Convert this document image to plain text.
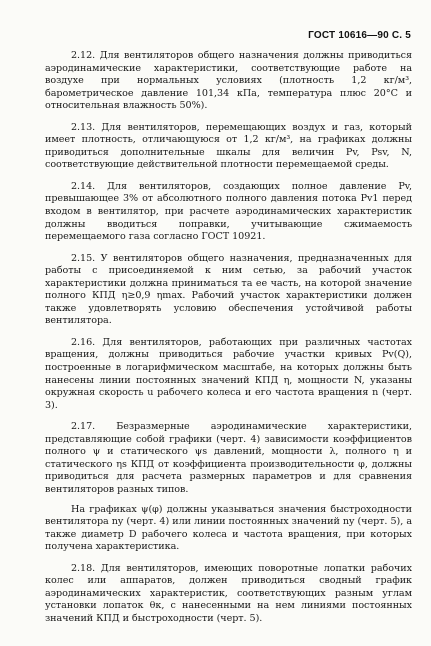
ГОСТ 10616—90 С. 5

2.12. Для вентиляторов общего назначения должны приводиться аэродинамические характеристики, соответствующие работе на воздухе при нормальных условиях (плотность 1,2 кг/м³, барометрическое давление 101,34 кПа, температура плюс 20°С и относительная влажность 50%).

2.13. Для вентиляторов, перемещающих воздух и газ, который имеет плотность, отличающуюся от 1,2 кг/м³, на графиках должны приводиться дополнительные шкалы для величин Pv, Psv, N, соответствующие действительной плотности перемещаемой среды.

2.14. Для вентиляторов, создающих полное давление Pv, превышающее 3% от абсолютного полного давления потока Pv1 перед входом в вентилятор, при расчете аэродинамических характеристик должны вводиться поправки, учитывающие сжимаемость перемещаемого газа согласно ГОСТ 10921.

2.15. У вентиляторов общего назначения, предназначенных для работы с присоединяемой к ним сетью, за рабочий участок характеристики должна приниматься та ее часть, на которой значение полного КПД η≥0,9 ηmax. Рабочий участок характеристики должен также удовлетворять условию обеспечения устойчивой работы вентилятора.

2.16. Для вентиляторов, работающих при различных частотах вращения, должны приводиться рабочие участки кривых Pv(Q), построенные в логарифмическом масштабе, на которых должны быть нанесены линии постоянных значений КПД η, мощности N, указаны окружная скорость u рабочего колеса и его частота вращения n (черт. 3).

2.17. Безразмерные аэродинамические характеристики, представляющие собой графики (черт. 4) зависимости коэффициентов полного ψ и статического ψs давлений, мощности λ, полного η и статического ηs КПД от коэффициента производительности φ, должны приводиться для расчета размерных параметров и для сравнения вентиляторов разных типов.

На графиках ψ(φ) должны указываться значения быстроходности вентилятора ny (черт. 4) или линии постоянных значений ny (черт. 5), а также диаметр D рабочего колеса и частота вращения, при которых получена характеристика.

2.18. Для вентиляторов, имеющих поворотные лопатки рабочих колес или аппаратов, должен приводиться сводный график аэродинамических характеристик, соответствующих разным углам установки лопаток θк, с нанесенными на нем линиями постоянных значений КПД и быстроходности (черт. 5).
